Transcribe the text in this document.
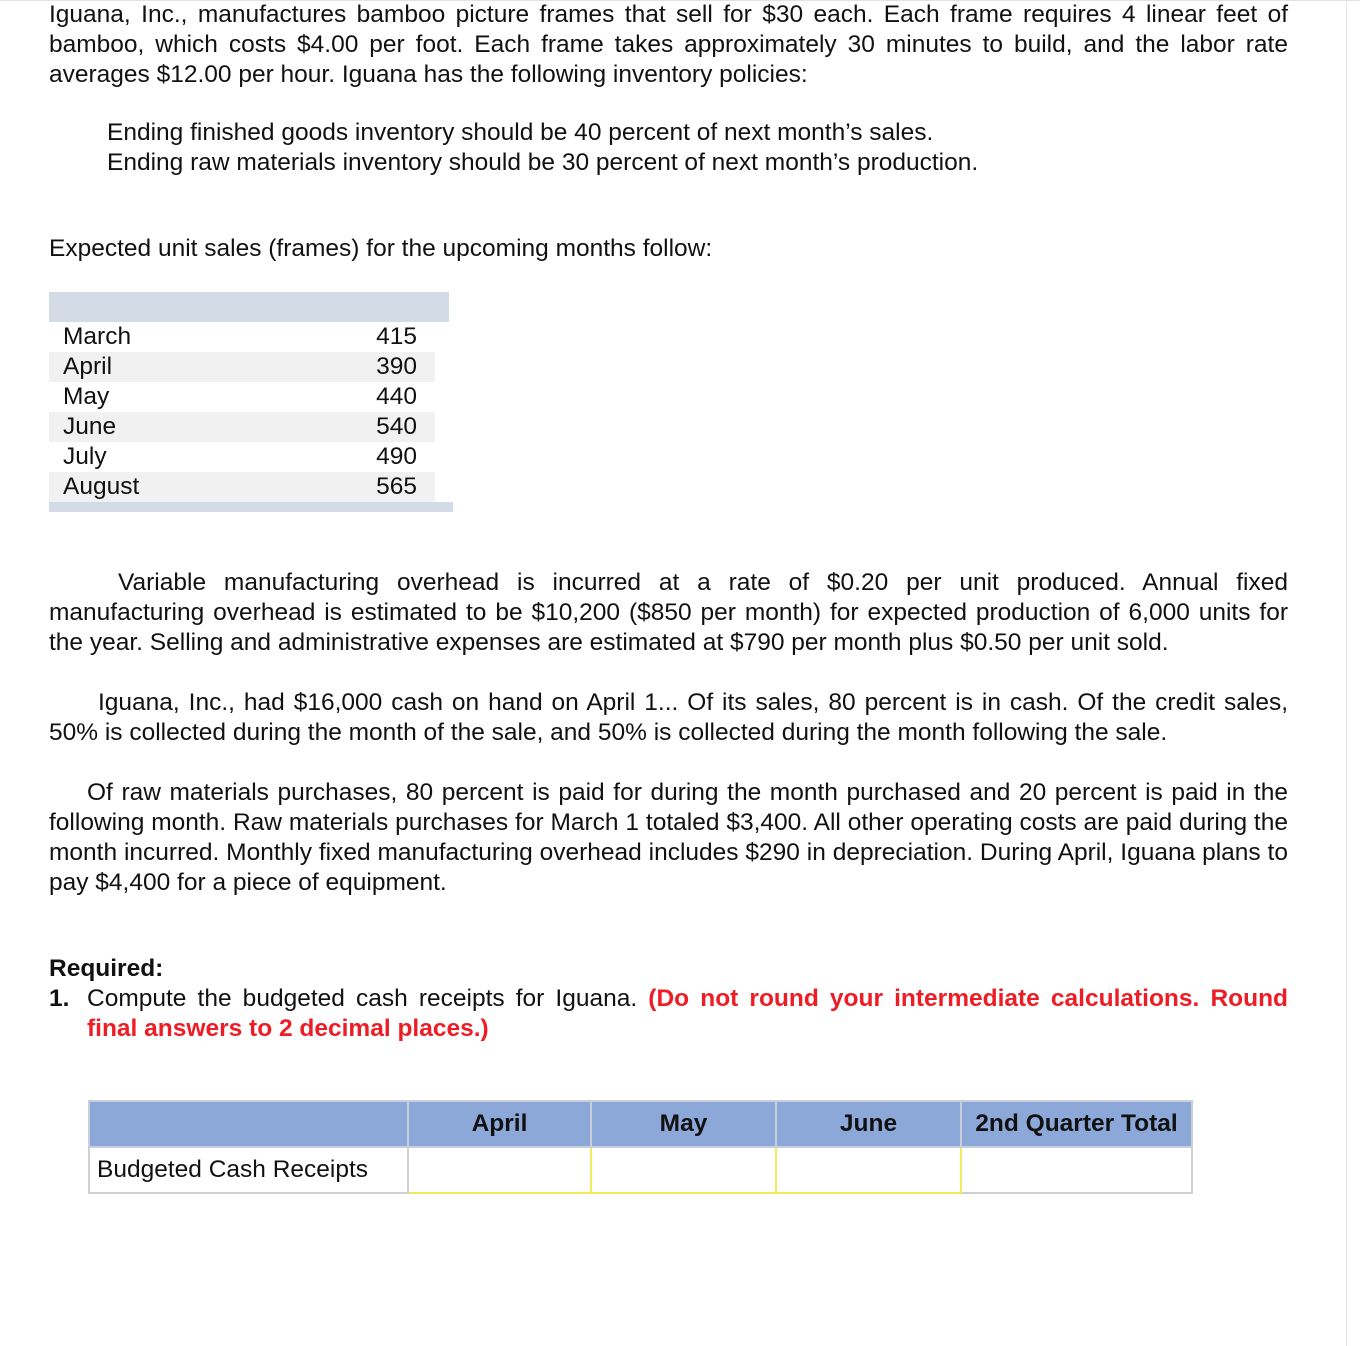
Iguana, Inc., manufactures bamboo picture frames that sell for $30 each. Each frame requires 4 linear feet of bamboo, which costs $4.00 per foot. Each frame takes approximately 30 minutes to build, and the labor rate averages $12.00 per hour. Iguana has the following inventory policies:

Ending finished goods inventory should be 40 percent of next month’s sales.

Ending raw materials inventory should be 30 percent of next month’s production.

Expected unit sales (frames) for the upcoming months follow:

March	415
April	390
May	440
June	540
July	490
August	565

Variable manufacturing overhead is incurred at a rate of $0.20 per unit produced. Annual fixed manufacturing overhead is estimated to be $10,200 ($850 per month) for expected production of 6,000 units for the year. Selling and administrative expenses are estimated at $790 per month plus $0.50 per unit sold.

Iguana, Inc., had $16,000 cash on hand on April 1... Of its sales, 80 percent is in cash. Of the credit sales, 50% is collected during the month of the sale, and 50% is collected during the month following the sale.

Of raw materials purchases, 80 percent is paid for during the month purchased and 20 percent is paid in the following month. Raw materials purchases for March 1 totaled $3,400. All other operating costs are paid during the month incurred. Monthly fixed manufacturing overhead includes $290 in depreciation. During April, Iguana plans to pay $4,400 for a piece of equipment.

Required:

1. Compute the budgeted cash receipts for Iguana. (Do not round your intermediate calculations. Round final answers to 2 decimal places.)
	April	May	June	2nd Quarter Total
Budgeted Cash Receipts				
